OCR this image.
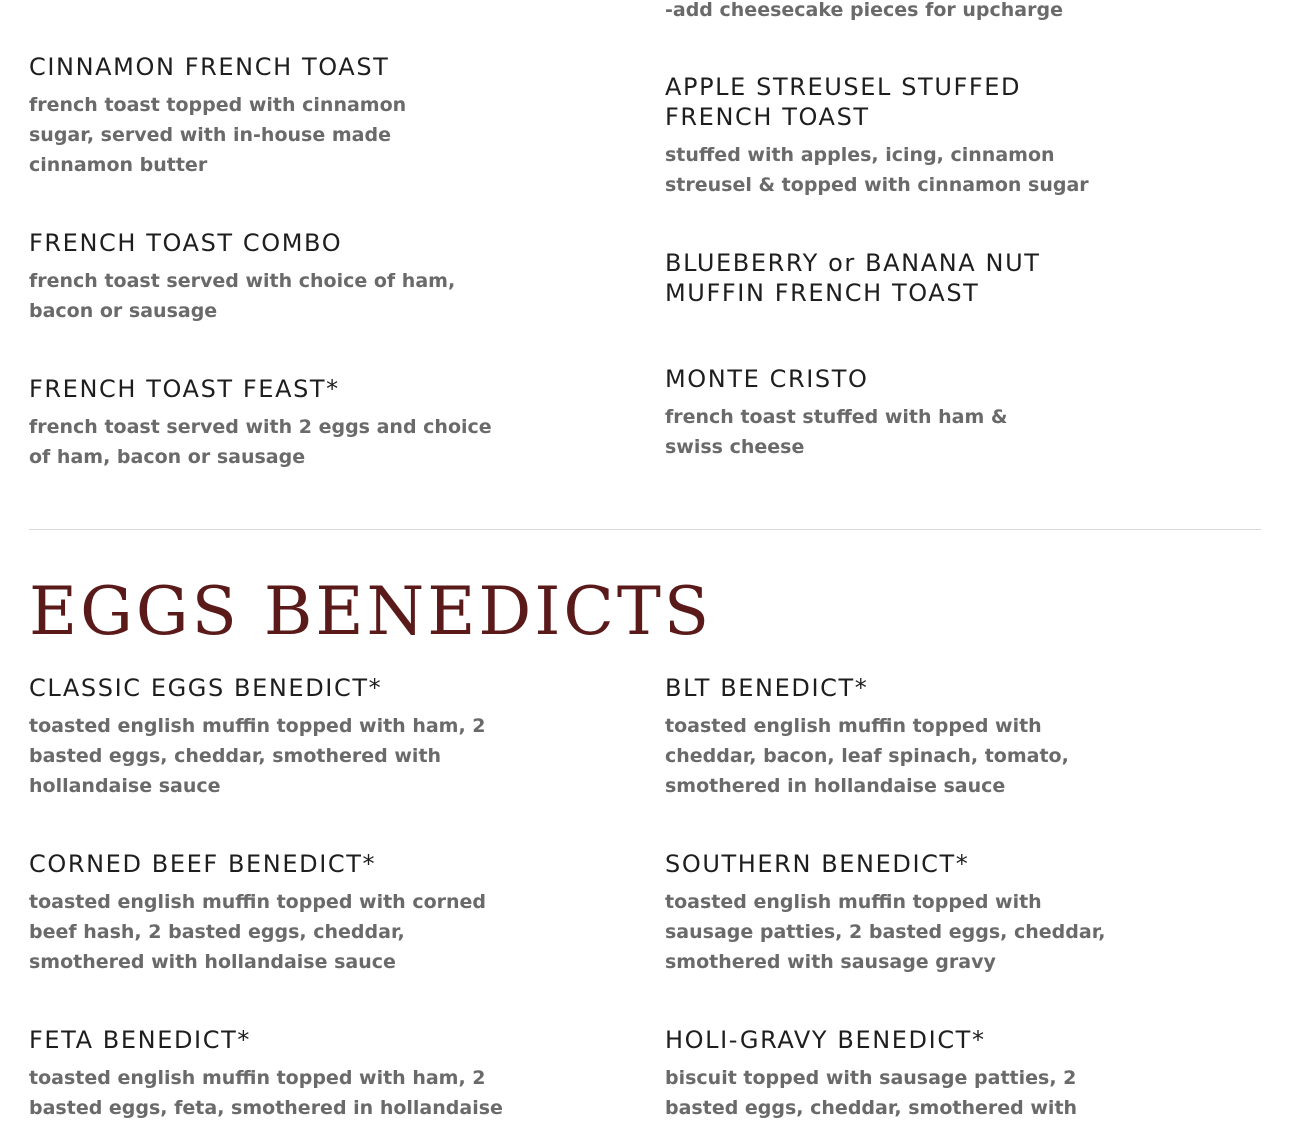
-add cheesecake pieces for upcharge

CINNAMON FRENCH TOAST

french toast topped with cinnamon
sugar, served with in-house made
cinnamon butter

FRENCH TOAST COMBO

french toast served with choice of ham,
bacon or sausage

FRENCH TOAST FEAST*

french toast served with 2 eggs and choice
of ham, bacon or sausage

APPLE STREUSEL STUFFED
FRENCH TOAST

stuffed with apples, icing, cinnamon
streusel & topped with cinnamon sugar

BLUEBERRY or BANANA NUT
MUFFIN FRENCH TOAST
MONTE CRISTO

french toast stuffed with ham &
swiss cheese

EGGS BENEDICTS
CLASSIC EGGS BENEDICT*

toasted english muffin topped with ham, 2
basted eggs, cheddar, smothered with
hollandaise sauce

CORNED BEEF BENEDICT*

toasted english muffin topped with corned
beef hash, 2 basted eggs, cheddar,
smothered with hollandaise sauce

FETA BENEDICT*

toasted english muffin topped with ham, 2
basted eggs, feta, smothered in hollandaise

BLT BENEDICT*

toasted english muffin topped with
cheddar, bacon, leaf spinach, tomato,
smothered in hollandaise sauce

SOUTHERN BENEDICT*

toasted english muffin topped with
sausage patties, 2 basted eggs, cheddar,
smothered with sausage gravy

HOLI-GRAVY BENEDICT*

biscuit topped with sausage patties, 2
basted eggs, cheddar, smothered with
